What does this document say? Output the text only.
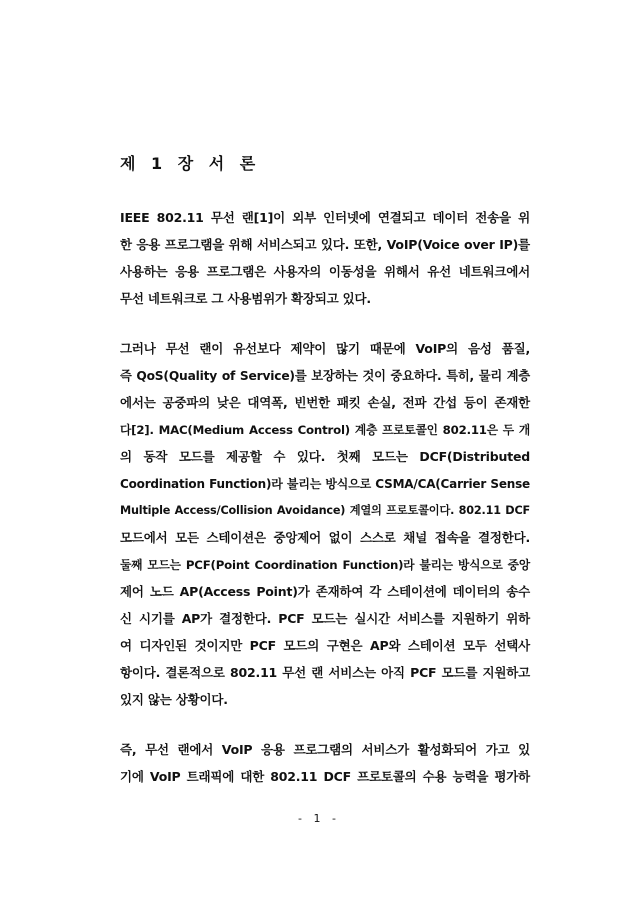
제 1 장 서 론
IEEE 802.11 무선 랜[1]이 외부 인터넷에 연결되고 데이터 전송을 위
한 응용 프로그램을 위해 서비스되고 있다. 또한, VoIP(Voice over IP)를
사용하는 응용 프로그램은 사용자의 이동성을 위해서 유선 네트워크에서
무선 네트워크로 그 사용범위가 확장되고 있다.
그러나 무선 랜이 유선보다 제약이 많기 때문에 VoIP의 음성 품질,
즉 QoS(Quality of Service)를 보장하는 것이 중요하다. 특히, 물리 계층
에서는 공중파의 낮은 대역폭, 빈번한 패킷 손실, 전파 간섭 등이 존재한
다[2]. MAC(Medium Access Control) 계층 프로토콜인 802.11은 두 개
의 동작 모드를 제공할 수 있다. 첫째 모드는 DCF(Distributed
Coordination Function)라 불리는 방식으로 CSMA/CA(Carrier Sense
Multiple Access/Collision Avoidance) 계열의 프로토콜이다. 802.11 DCF
모드에서 모든 스테이션은 중앙제어 없이 스스로 채널 접속을 결정한다.
둘째 모드는 PCF(Point Coordination Function)라 불리는 방식으로 중앙
제어 노드 AP(Access Point)가 존재하여 각 스테이션에 데이터의 송수
신 시기를 AP가 결정한다. PCF 모드는 실시간 서비스를 지원하기 위하
여 디자인된 것이지만 PCF 모드의 구현은 AP와 스테이션 모두 선택사
항이다. 결론적으로 802.11 무선 랜 서비스는 아직 PCF 모드를 지원하고
있지 않는 상황이다.
즉, 무선 랜에서 VoIP 응용 프로그램의 서비스가 활성화되어 가고 있
기에 VoIP 트래픽에 대한 802.11 DCF 프로토콜의 수용 능력을 평가하
- 1 -
